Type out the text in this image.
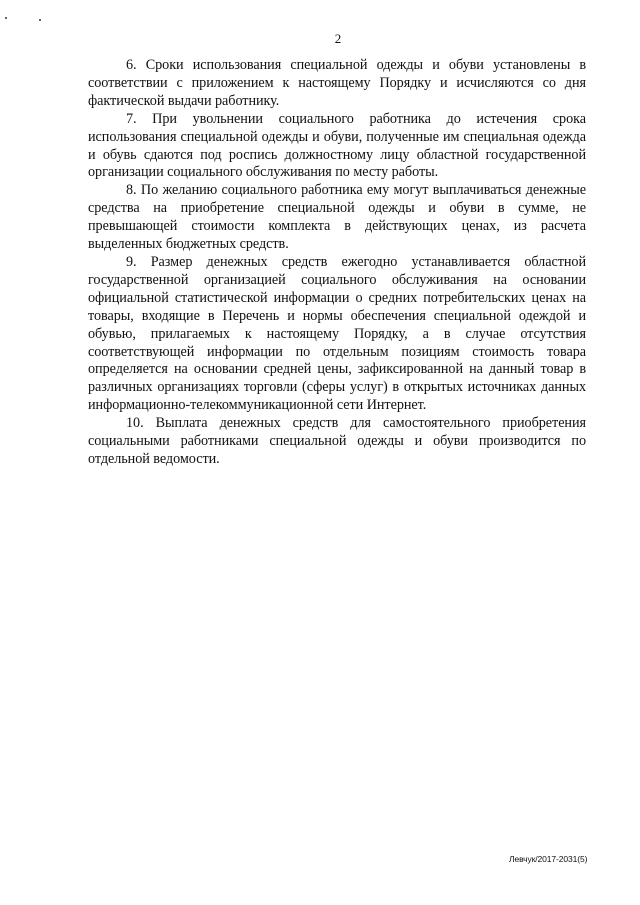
2

6. Сроки использования специальной одежды и обуви установлены в соответствии с приложением к настоящему Порядку и исчисляются со дня фактической выдачи работнику.

7. При увольнении социального работника до истечения срока использования специальной одежды и обуви, полученные им специальная одежда и обувь сдаются под роспись должностному лицу областной государственной организации социального обслуживания по месту работы.

8. По желанию социального работника ему могут выплачиваться денежные средства на приобретение специальной одежды и обуви в сумме, не превышающей стоимости комплекта в действующих ценах, из расчета выделенных бюджетных средств.

9. Размер денежных средств ежегодно устанавливается областной государственной организацией социального обслуживания на основании официальной статистической информации о средних потребительских ценах на товары, входящие в Перечень и нормы обеспечения специальной одеждой и обувью, прилагаемых к настоящему Порядку, а в случае отсутствия соответствующей информации по отдельным позициям стоимость товара определяется на основании средней цены, зафиксированной на данный товар в различных организациях торговли (сферы услуг) в открытых источниках данных информационно-телекоммуникационной сети Интернет.

10. Выплата денежных средств для самостоятельного приобретения социальными работниками специальной одежды и обуви производится по отдельной ведомости.

Левчук/2017-2031(5)
